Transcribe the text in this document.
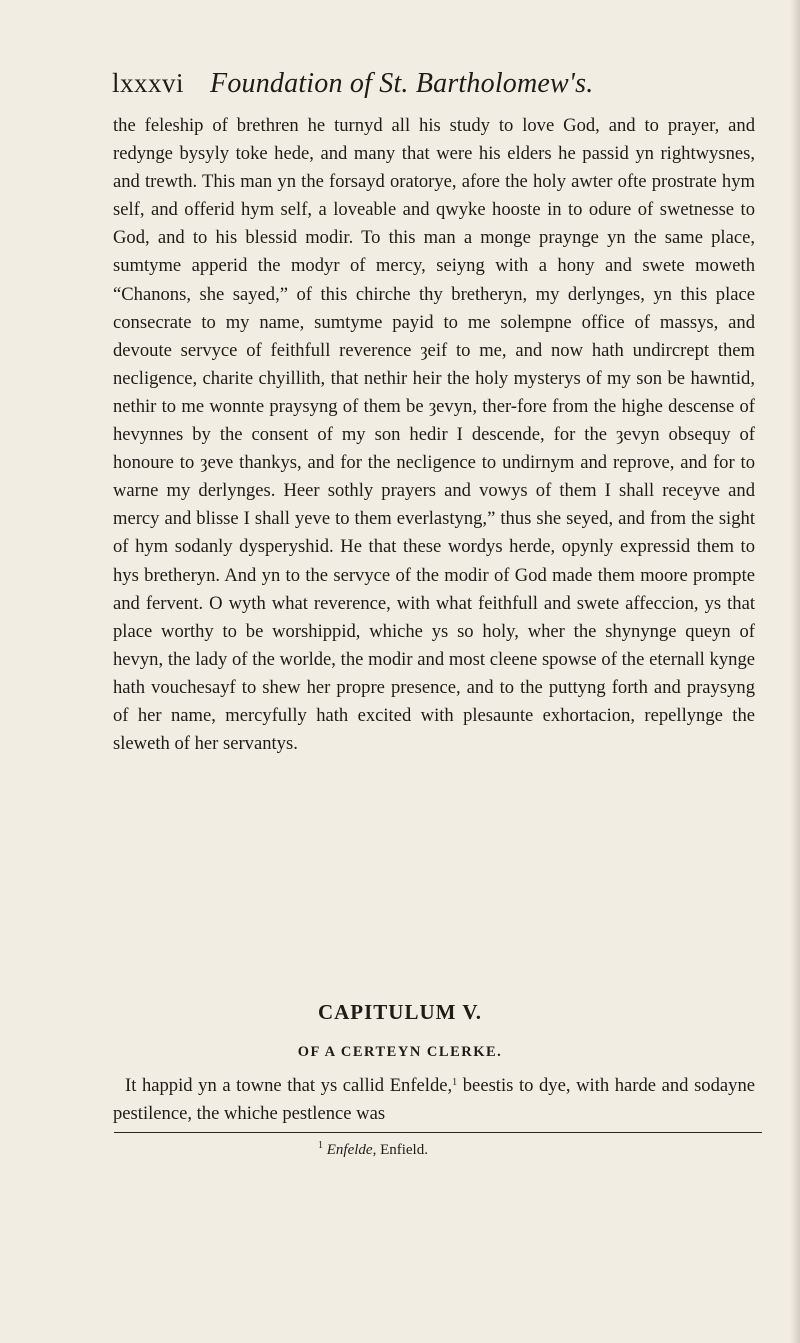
lxxxvi Foundation of St. Bartholomew's.

the feleship of brethren he turnyd all his study to love God, and to prayer, and redynge bysyly toke hede, and many that were his elders he passid yn rightwysnes, and trewth. This man yn the forsayd oratorye, afore the holy awter ofte prostrate hym self, and offerid hym self, a loveable and qwyke hooste in to odure of swetnesse to God, and to his blessid modir. To this man a monge praynge yn the same place, sumtyme apperid the modyr of mercy, seiyng with a hony and swete moweth “Chanons, she sayed,” of this chirche thy bretheryn, my derlynges, yn this place consecrate to my name, sumtyme payid to me solempne office of massys, and devoute servyce of feithfull reverence ȝeif to me, and now hath undircrept them necligence, charite chyillith, that nethir heir the holy mysterys of my son be hawntid, nethir to me wonnte praysyng of them be ȝevyn, ther-fore from the highe descense of hevynnes by the consent of my son hedir I descende, for the ȝevyn obsequy of honoure to ȝeve thankys, and for the necligence to undirnym and reprove, and for to warne my derlynges. Heer sothly prayers and vowys of them I shall receyve and mercy and blisse I shall yeve to them everlastyng,” thus she seyed, and from the sight of hym sodanly dysperyshid. He that these wordys herde, opynly expressid them to hys bretheryn. And yn to the servyce of the modir of God made them moore prompte and fervent. O wyth what reverence, with what feithfull and swete affeccion, ys that place worthy to be worshippid, whiche ys so holy, wher the shynynge queyn of hevyn, the lady of the worlde, the modir and most cleene spowse of the eternall kynge hath vouchesayf to shew her propre presence, and to the puttyng forth and praysyng of her name, mercyfully hath excited with plesaunte exhortacion, repellynge the sleweth of her servantys.

CAPITULUM V.
OF A CERTEYN CLERKE.

It happid yn a towne that ys callid Enfelde,$^1$ beestis to dye, with harde and sodayne pestilence, the whiche pestlence was

$^1$ Enfelde, Enfield.
